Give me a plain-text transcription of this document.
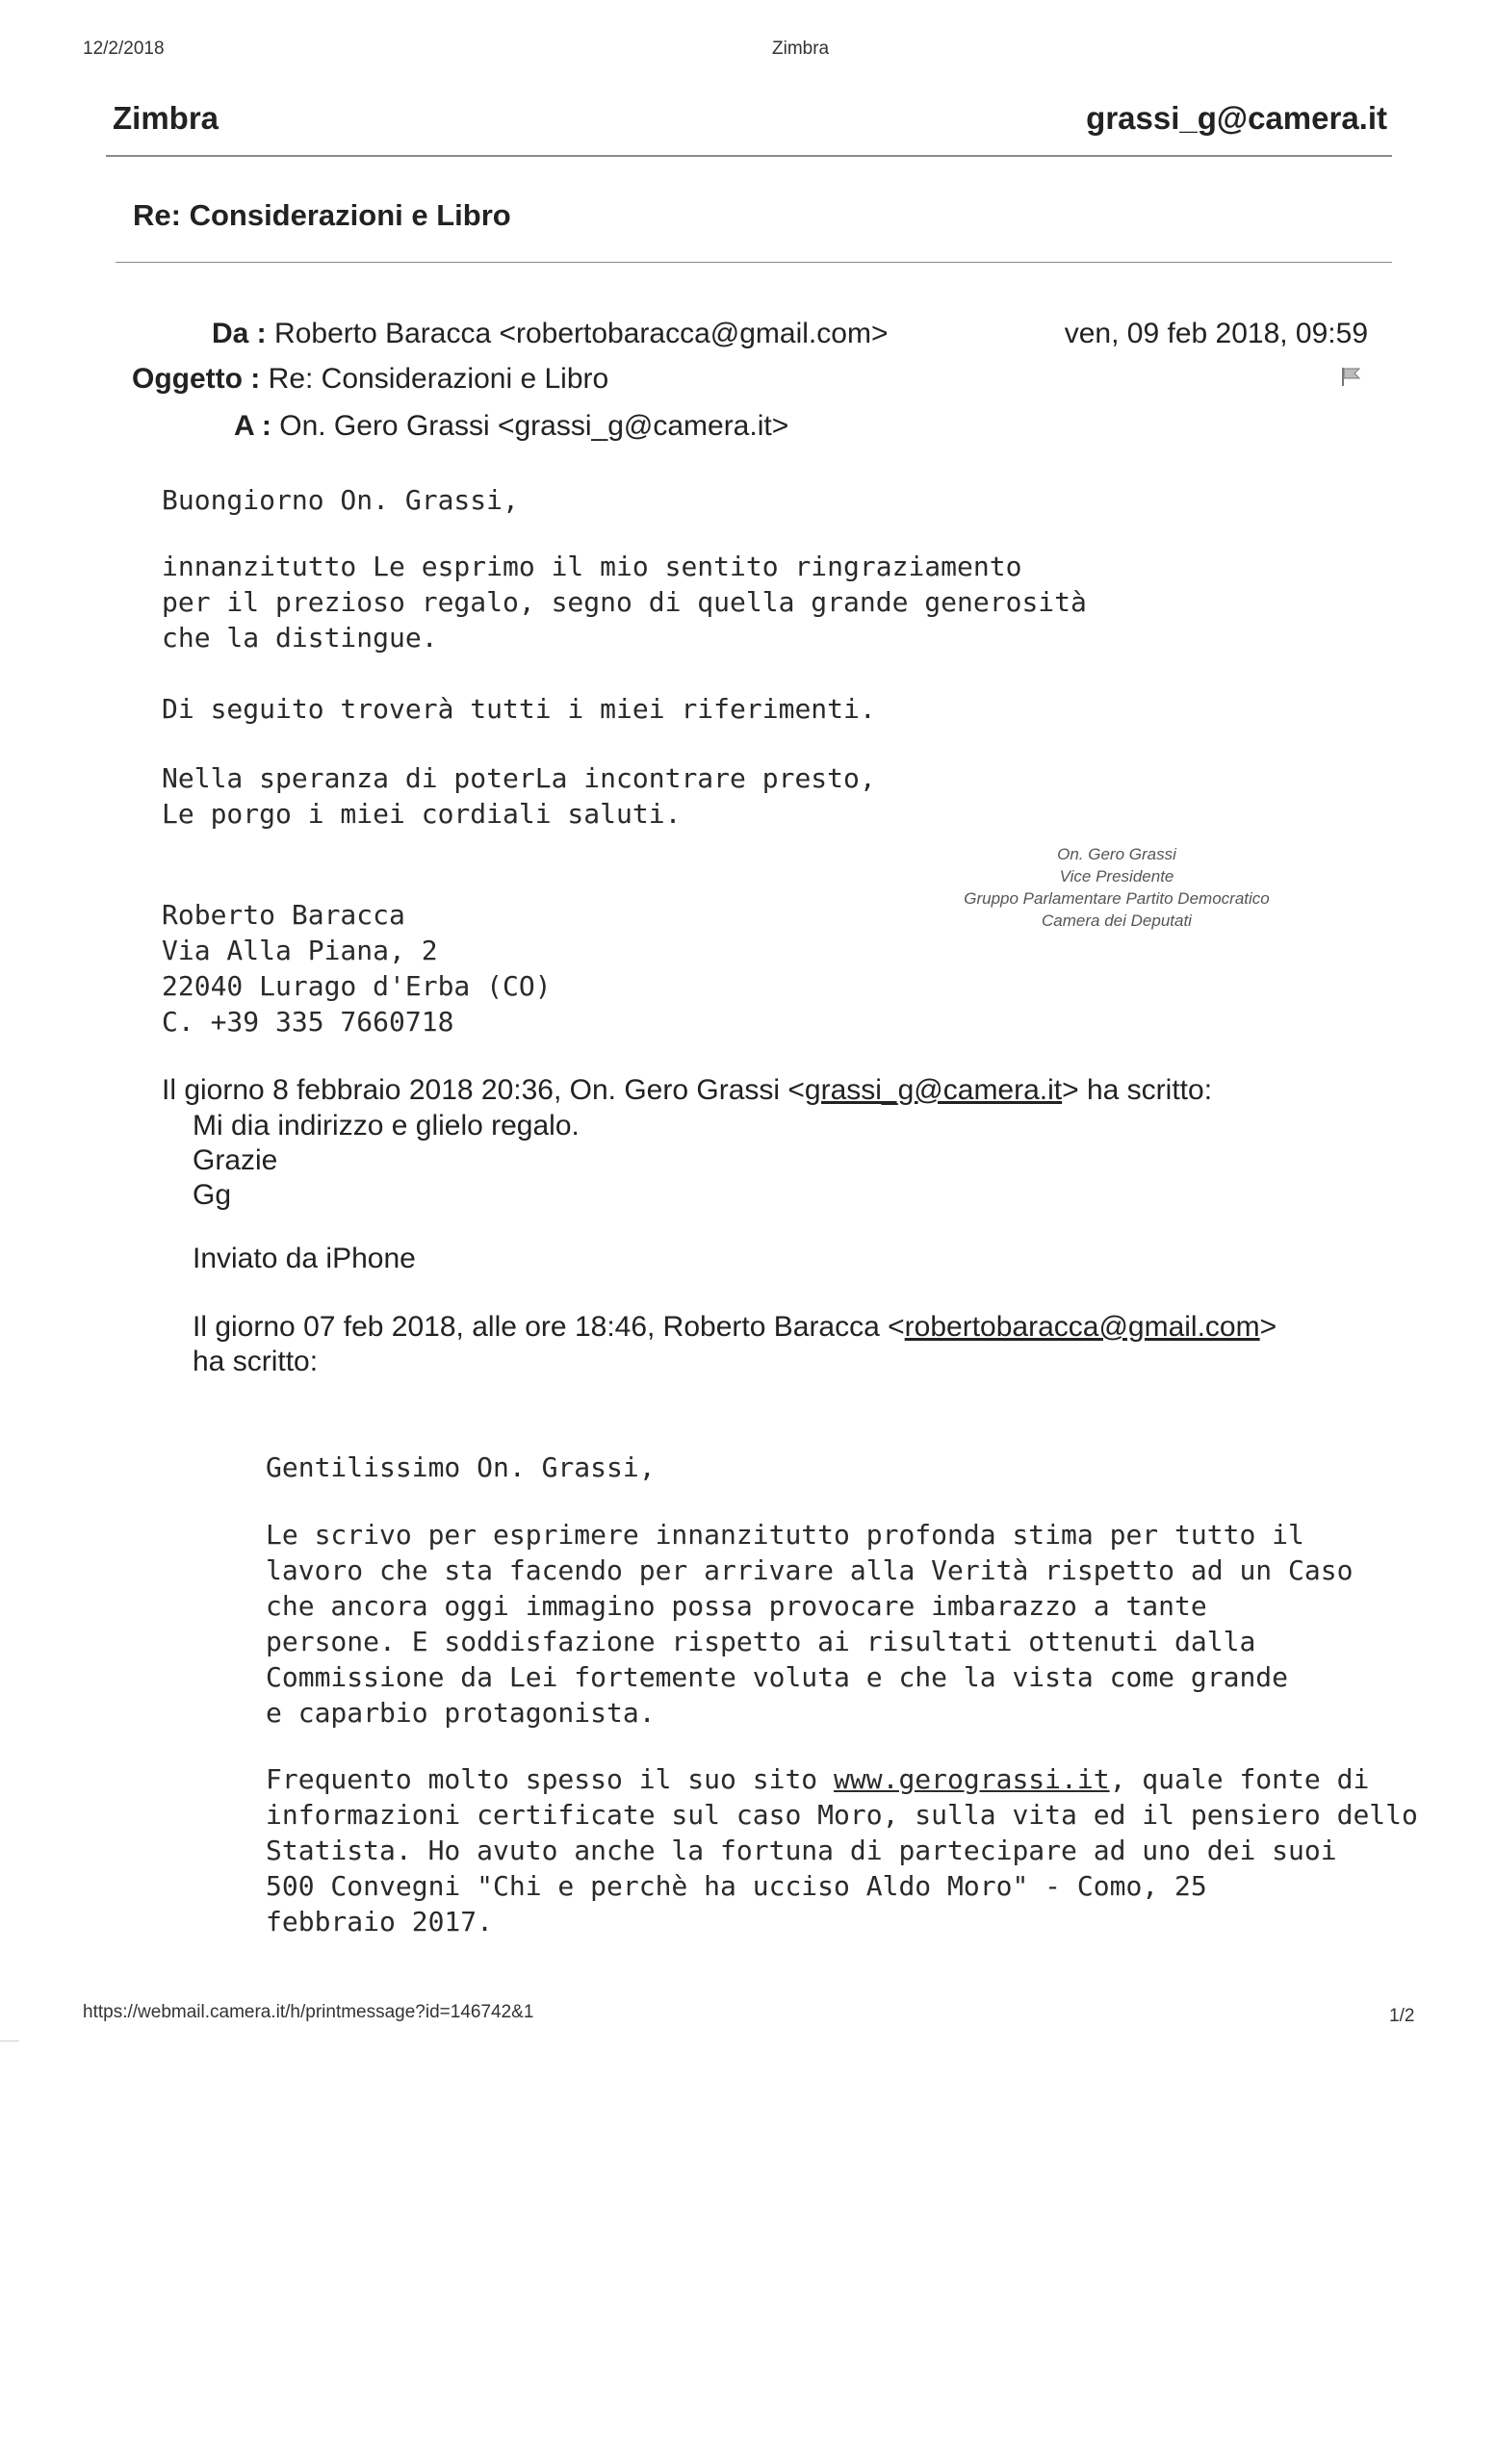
12/2/2018	Zimbra
Zimbra	grassi_g@camera.it
Re: Considerazioni e Libro
Da : Roberto Baracca <robertobaracca@gmail.com>	ven, 09 feb 2018, 09:59
Oggetto : Re: Considerazioni e Libro
A : On. Gero Grassi <grassi_g@camera.it>
Buongiorno On. Grassi,
innanzitutto Le esprimo il mio sentito ringraziamento
per il prezioso regalo, segno di quella grande generosità
che la distingue.
Di seguito troverà tutti i miei riferimenti.
Nella speranza di poterLa incontrare presto,
Le porgo i miei cordiali saluti.
Roberto Baracca
Via Alla Piana, 2
22040 Lurago d'Erba (CO)
C. +39 335 7660718
On. Gero Grassi
Vice Presidente
Gruppo Parlamentare Partito Democratico
Camera dei Deputati
Il giorno 8 febbraio 2018 20:36, On. Gero Grassi <grassi_g@camera.it> ha scritto:
Mi dia indirizzo e glielo regalo.
Grazie
Gg
Inviato da iPhone
Il giorno 07 feb 2018, alle ore 18:46, Roberto Baracca <robertobaracca@gmail.com>
ha scritto:
Gentilissimo On. Grassi,
Le scrivo per esprimere innanzitutto profonda stima per tutto il
lavoro che sta facendo per arrivare alla Verità rispetto ad un Caso
che ancora oggi immagino possa provocare imbarazzo a tante
persone. E soddisfazione rispetto ai risultati ottenuti dalla
Commissione da Lei fortemente voluta e che la vista come grande
e caparbio protagonista.
Frequento molto spesso il suo sito www.gerograssi.it, quale fonte di
informazioni certificate sul caso Moro, sulla vita ed il pensiero dello
Statista. Ho avuto anche la fortuna di partecipare ad uno dei suoi
500 Convegni "Chi e perchè ha ucciso Aldo Moro" - Como, 25
febbraio 2017.
https://webmail.camera.it/h/printmessage?id=146742&1	1/2
